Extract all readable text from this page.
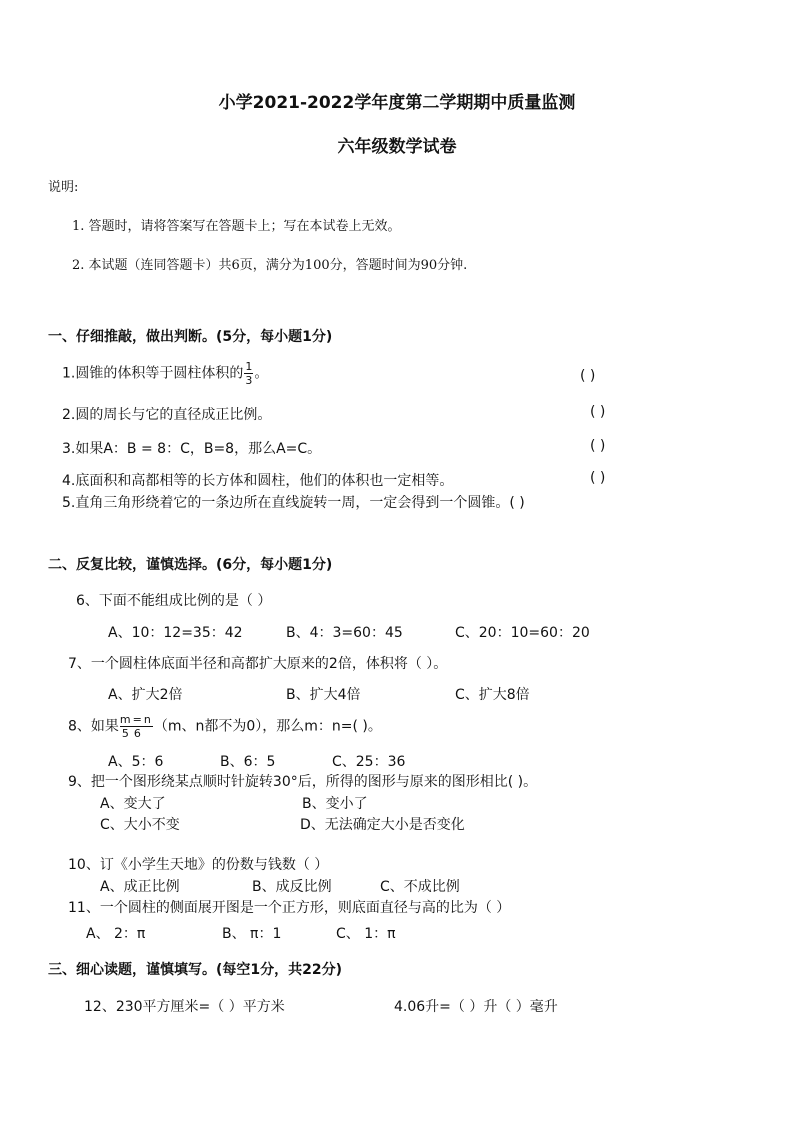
小学2021-2022学年度第二学期期中质量监测
六年级数学试卷
说明:
1. 答题时，请将答案写在答题卡上；写在本试卷上无效。
2. 本试题（连同答题卡）共6页，满分为100分，答题时间为90分钟.
一、仔细推敲，做出判断。(5分，每小题1分)
1.圆锥的体积等于圆柱体积的 $\frac{1}{3}$ 。	( )
2.圆的周长与它的直径成正比例。	( )
3.如果A：B = 8：C，B=8，那么A=C。	( )
4.底面积和高都相等的长方体和圆柱，他们的体积也一定相等。	( )
5.直角三角形绕着它的一条边所在直线旋转一周，一定会得到一个圆锥。( )
二、反复比较，谨慎选择。(6分，每小题1分)
6、下面不能组成比例的是（ ）
A、10：12=35：42	B、4：3=60：45	C、20：10=60：20
7、一个圆柱体底面半径和高都扩大原来的2倍，体积将（ ）。
A、扩大2倍	B、扩大4倍	C、扩大8倍
8、如果 $\frac{m=n}{56} (m$、n都不为0），那么m：n=( )。
A、5：6	B、6：5	C、25：36
9、把一个图形绕某点顺时针旋转30°后，所得的图形与原来的图形相比( )。
A、变大了	B、变小了
C、大小不变	D、无法确定大小是否变化
10、订《小学生天地》的份数与钱数（ ）
A、成正比例	B、成反比例	C、不成比例
11、一个圆柱的侧面展开图是一个正方形，则底面直径与高的比为（ ）
A、 2：π	B、 π：1	C、 1：π
三、细心读题，谨慎填写。(每空1分，共22分)
12、230平方厘米=（ ）平方米	4.06升=（ ）升（ ）毫升
